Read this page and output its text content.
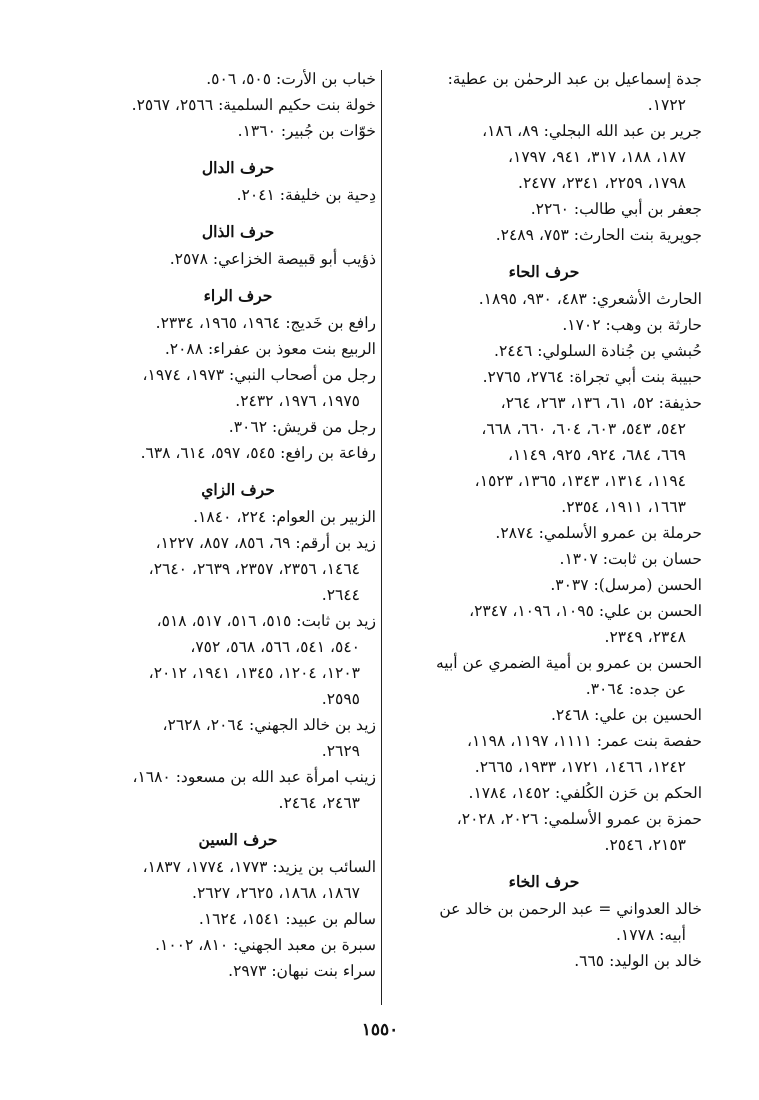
جدة إسماعيل بن عبد الرحمٰن بن عطية:

١٧٢٢.
جرير بن عبد الله البجلي: ٨٩، ١٨٦،

١٨٧، ١٨٨، ٣١٧، ٩٤١، ١٧٩٧،
١٧٩٨، ٢٢٥٩، ٢٣٤١، ٢٤٧٧.
جعفر بن أبي طالب: ٢٢٦٠.

جويرية بنت الحارث: ٧٥٣، ٢٤٨٩.

حرف الحاء
الحارث الأشعري: ٤٨٣، ٩٣٠، ١٨٩٥.

حارثة بن وهب: ١٧٠٢.

حُبشي بن جُنادة السلولي: ٢٤٤٦.

حبيبة بنت أبي تجراة: ٢٧٦٤، ٢٧٦٥.

حذيفة: ٥٢، ٦١، ١٣٦، ٢٦٣، ٢٦٤،

٥٤٢، ٥٤٣، ٦٠٣، ٦٠٤، ٦٦٠، ٦٦٨،
٦٦٩، ٦٨٤، ٩٢٤، ٩٢٥، ١١٤٩،
١١٩٤، ١٣١٤، ١٣٤٣، ١٣٦٥، ١٥٢٣،
١٦٦٣، ١٩١١، ٢٣٥٤.
حرملة بن عمرو الأسلمي: ٢٨٧٤.

حسان بن ثابت: ١٣٠٧.

الحسن (مرسل): ٣٠٣٧.

الحسن بن علي: ١٠٩٥، ١٠٩٦، ٢٣٤٧،

٢٣٤٨، ٢٣٤٩.
الحسن بن عمرو بن أمية الضمري عن أبيه

عن جده: ٣٠٦٤.
الحسين بن علي: ٢٤٦٨.

حفصة بنت عمر: ١١١١، ١١٩٧، ١١٩٨،

١٢٤٢، ١٤٦٦، ١٧٢١، ١٩٣٣، ٢٦٦٥.
الحكم بن حَزن الكُلفي: ١٤٥٢، ١٧٨٤.

حمزة بن عمرو الأسلمي: ٢٠٢٦، ٢٠٢٨،

٢١٥٣، ٢٥٤٦.
حرف الخاء
خالد العدواني = عبد الرحمن بن خالد عن

أبيه: ١٧٧٨.
خالد بن الوليد: ٦٦٥.

خباب بن الأرت: ٥٠٥، ٥٠٦.

خولة بنت حكيم السلمية: ٢٥٦٦، ٢٥٦٧.

خوّات بن جُبير: ١٣٦٠.

حرف الدال
دِحية بن خليفة: ٢٠٤١.

حرف الذال
ذؤيب أبو قبيصة الخزاعي: ٢٥٧٨.

حرف الراء
رافع بن خَديج: ١٩٦٤، ١٩٦٥، ٢٣٣٤.

الربيع بنت معوذ بن عفراء: ٢٠٨٨.

رجل من أصحاب النبي: ١٩٧٣، ١٩٧٤،

١٩٧٥، ١٩٧٦، ٢٤٣٢.
رجل من قريش: ٣٠٦٢.

رفاعة بن رافع: ٥٤٥، ٥٩٧، ٦١٤، ٦٣٨.

حرف الزاي
الزبير بن العوام: ٢٢٤، ١٨٤٠.

زيد بن أرقم: ٦٩، ٨٥٦، ٨٥٧، ١٢٢٧،

١٤٦٤، ٢٣٥٦، ٢٣٥٧، ٢٦٣٩، ٢٦٤٠،
٢٦٤٤.
زيد بن ثابت: ٥١٥، ٥١٦، ٥١٧، ٥١٨،

٥٤٠، ٥٤١، ٥٦٦، ٥٦٨، ٧٥٢،
١٢٠٣، ١٢٠٤، ١٣٤٥، ١٩٤١، ٢٠١٢،
٢٥٩٥.
زيد بن خالد الجهني: ٢٠٦٤، ٢٦٢٨،

٢٦٢٩.
زينب امرأة عبد الله بن مسعود: ١٦٨٠،

٢٤٦٣، ٢٤٦٤.
حرف السين
السائب بن يزيد: ١٧٧٣، ١٧٧٤، ١٨٣٧،

١٨٦٧، ١٨٦٨، ٢٦٢٥، ٢٦٢٧.
سالم بن عبيد: ١٥٤١، ١٦٢٤.

سبرة بن معبد الجهني: ٨١٠، ١٠٠٢.

سراء بنت نبهان: ٢٩٧٣.

١٥٥٠
